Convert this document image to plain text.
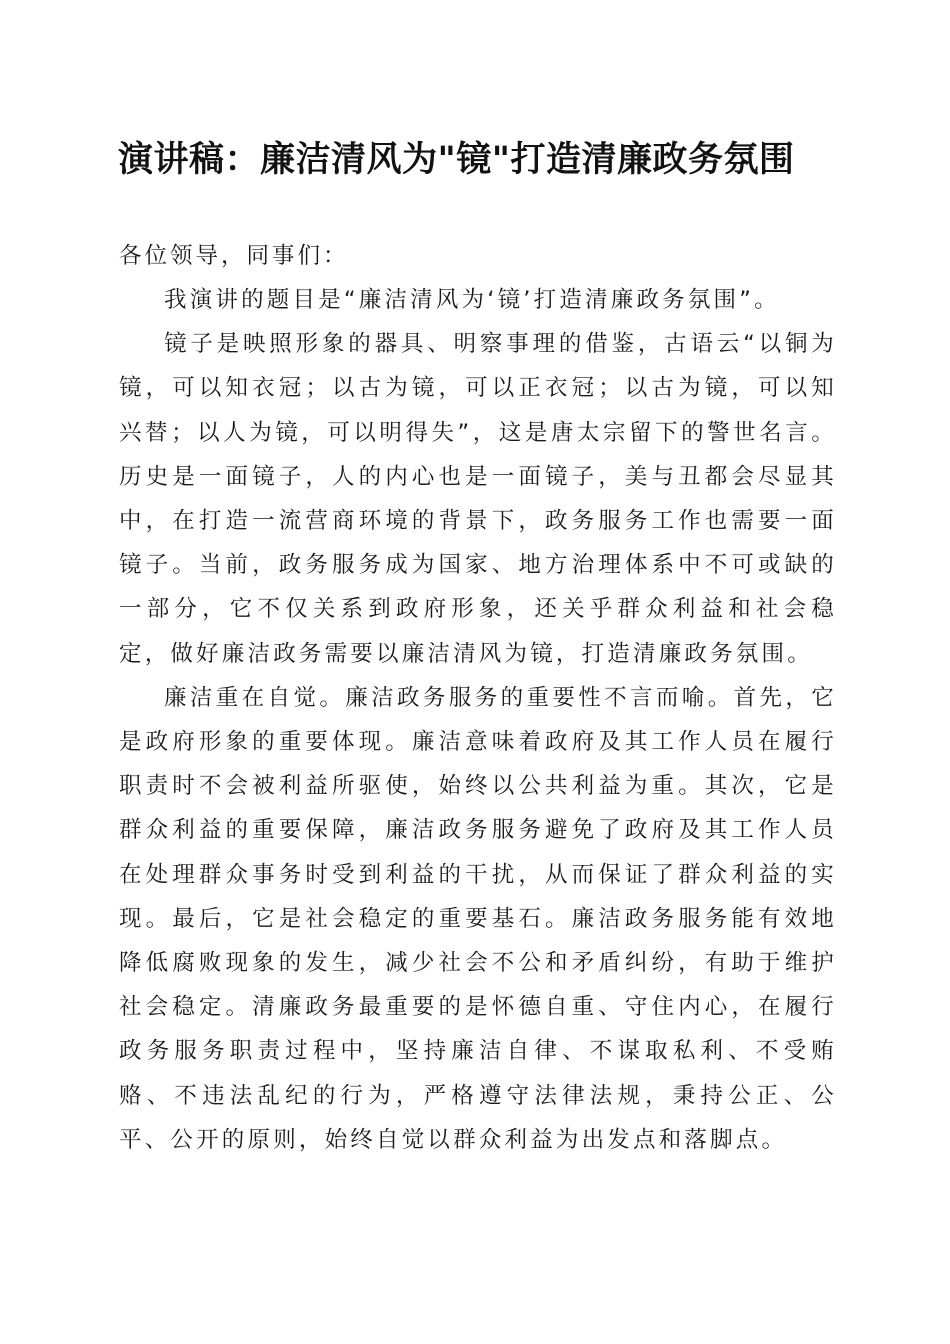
演讲稿：廉洁清风为"镜"打造清廉政务氛围

各位领导，同事们：

我演讲的题目是“廉洁清风为‘镜’打造清廉政务氛围”。

镜子是映照形象的器具、明察事理的借鉴，古语云“以铜为镜，可以知衣冠；以古为镜，可以正衣冠；以古为镜，可以知兴替；以人为镜，可以明得失”，这是唐太宗留下的警世名言。历史是一面镜子，人的内心也是一面镜子，美与丑都会尽显其中，在打造一流营商环境的背景下，政务服务工作也需要一面镜子。当前，政务服务成为国家、地方治理体系中不可或缺的一部分，它不仅关系到政府形象，还关乎群众利益和社会稳定，做好廉洁政务需要以廉洁清风为镜，打造清廉政务氛围。

廉洁重在自觉。廉洁政务服务的重要性不言而喻。首先，它是政府形象的重要体现。廉洁意味着政府及其工作人员在履行职责时不会被利益所驱使，始终以公共利益为重。其次，它是群众利益的重要保障，廉洁政务服务避免了政府及其工作人员在处理群众事务时受到利益的干扰，从而保证了群众利益的实现。最后，它是社会稳定的重要基石。廉洁政务服务能有效地降低腐败现象的发生，减少社会不公和矛盾纠纷，有助于维护社会稳定。清廉政务最重要的是怀德自重、守住内心，在履行政务服务职责过程中，坚持廉洁自律、不谋取私利、不受贿赂、不违法乱纪的行为，严格遵守法律法规，秉持公正、公平、公开的原则，始终自觉以群众利益为出发点和落脚点。
